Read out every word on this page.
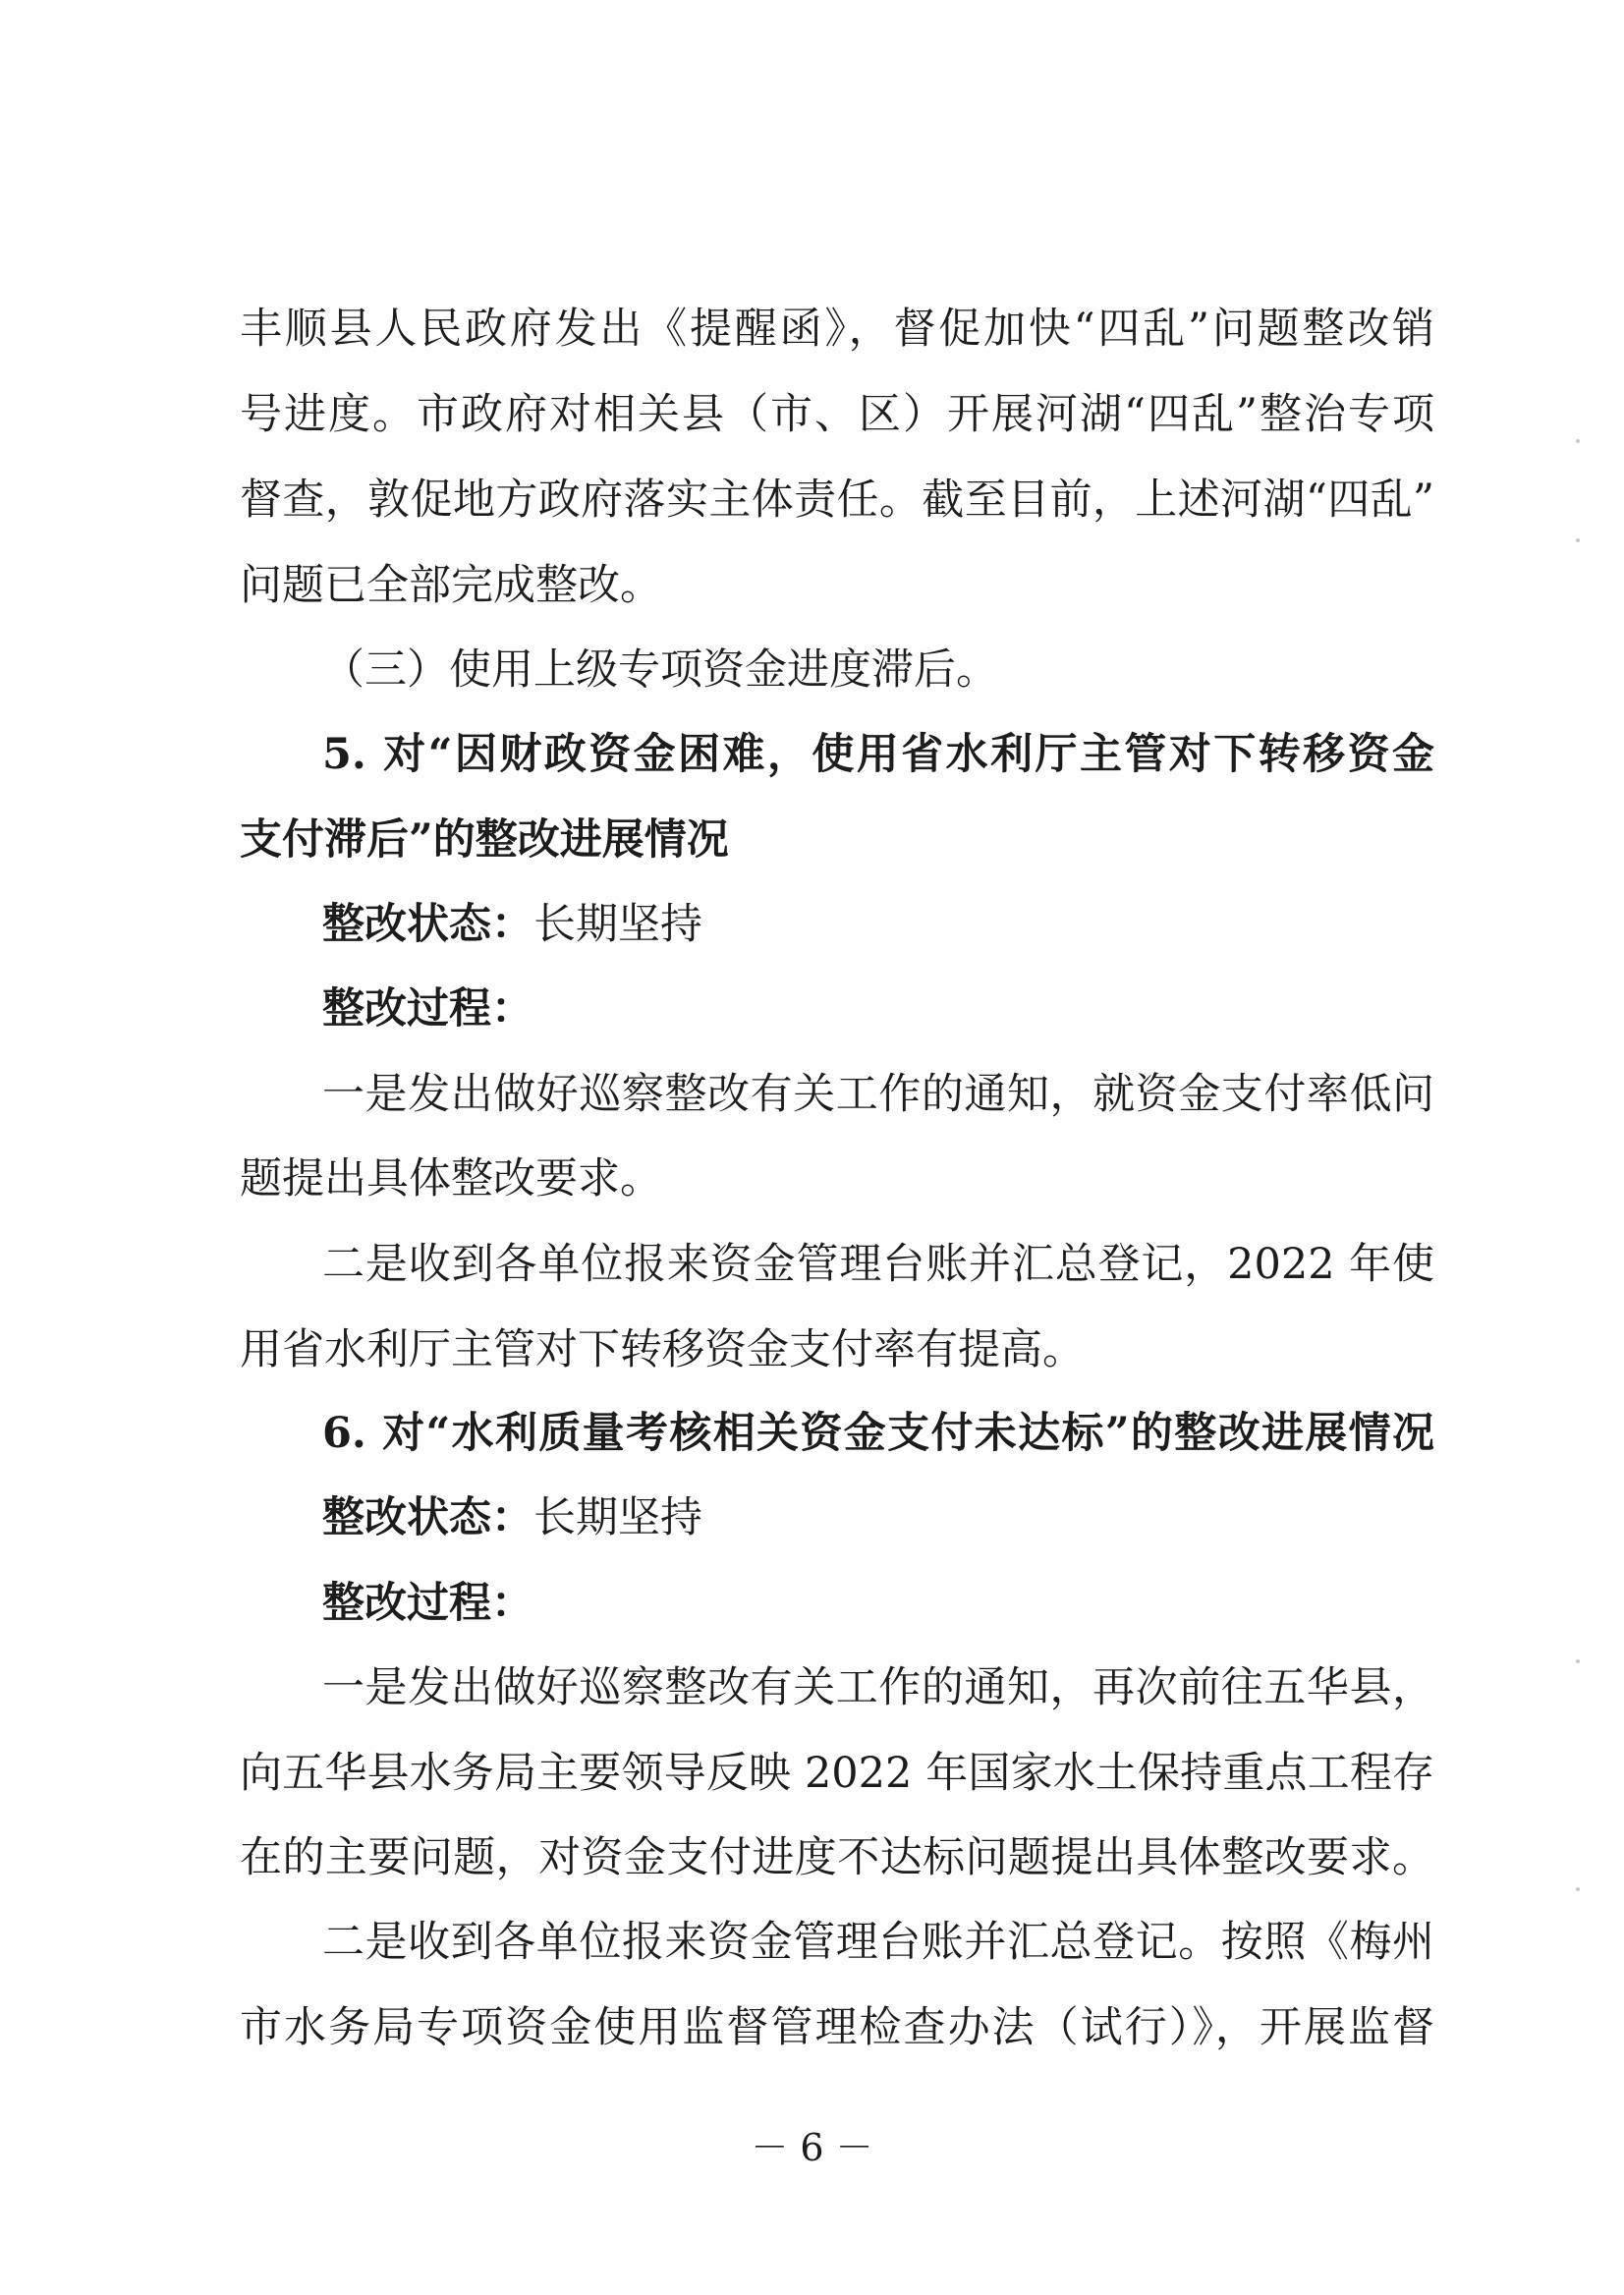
丰顺县人民政府发出《提醒函》，督促加快“四乱”问题整改销
号进度。市政府对相关县（市、区）开展河湖“四乱”整治专项
督查，敦促地方政府落实主体责任。截至目前，上述河湖“四乱”
问题已全部完成整改。
（三）使用上级专项资金进度滞后。
5. 对“因财政资金困难，使用省水利厅主管对下转移资金
支付滞后”的整改进展情况
整改状态：长期坚持
整改过程：
一是发出做好巡察整改有关工作的通知，就资金支付率低问
题提出具体整改要求。
二是收到各单位报来资金管理台账并汇总登记，2022 年使
用省水利厅主管对下转移资金支付率有提高。
6. 对“水利质量考核相关资金支付未达标”的整改进展情况
整改状态：长期坚持
整改过程：
一是发出做好巡察整改有关工作的通知，再次前往五华县，
向五华县水务局主要领导反映 2022 年国家水土保持重点工程存
在的主要问题，对资金支付进度不达标问题提出具体整改要求。
二是收到各单位报来资金管理台账并汇总登记。按照《梅州
市水务局专项资金使用监督管理检查办法（试行）》，开展监督
－ 6 －
